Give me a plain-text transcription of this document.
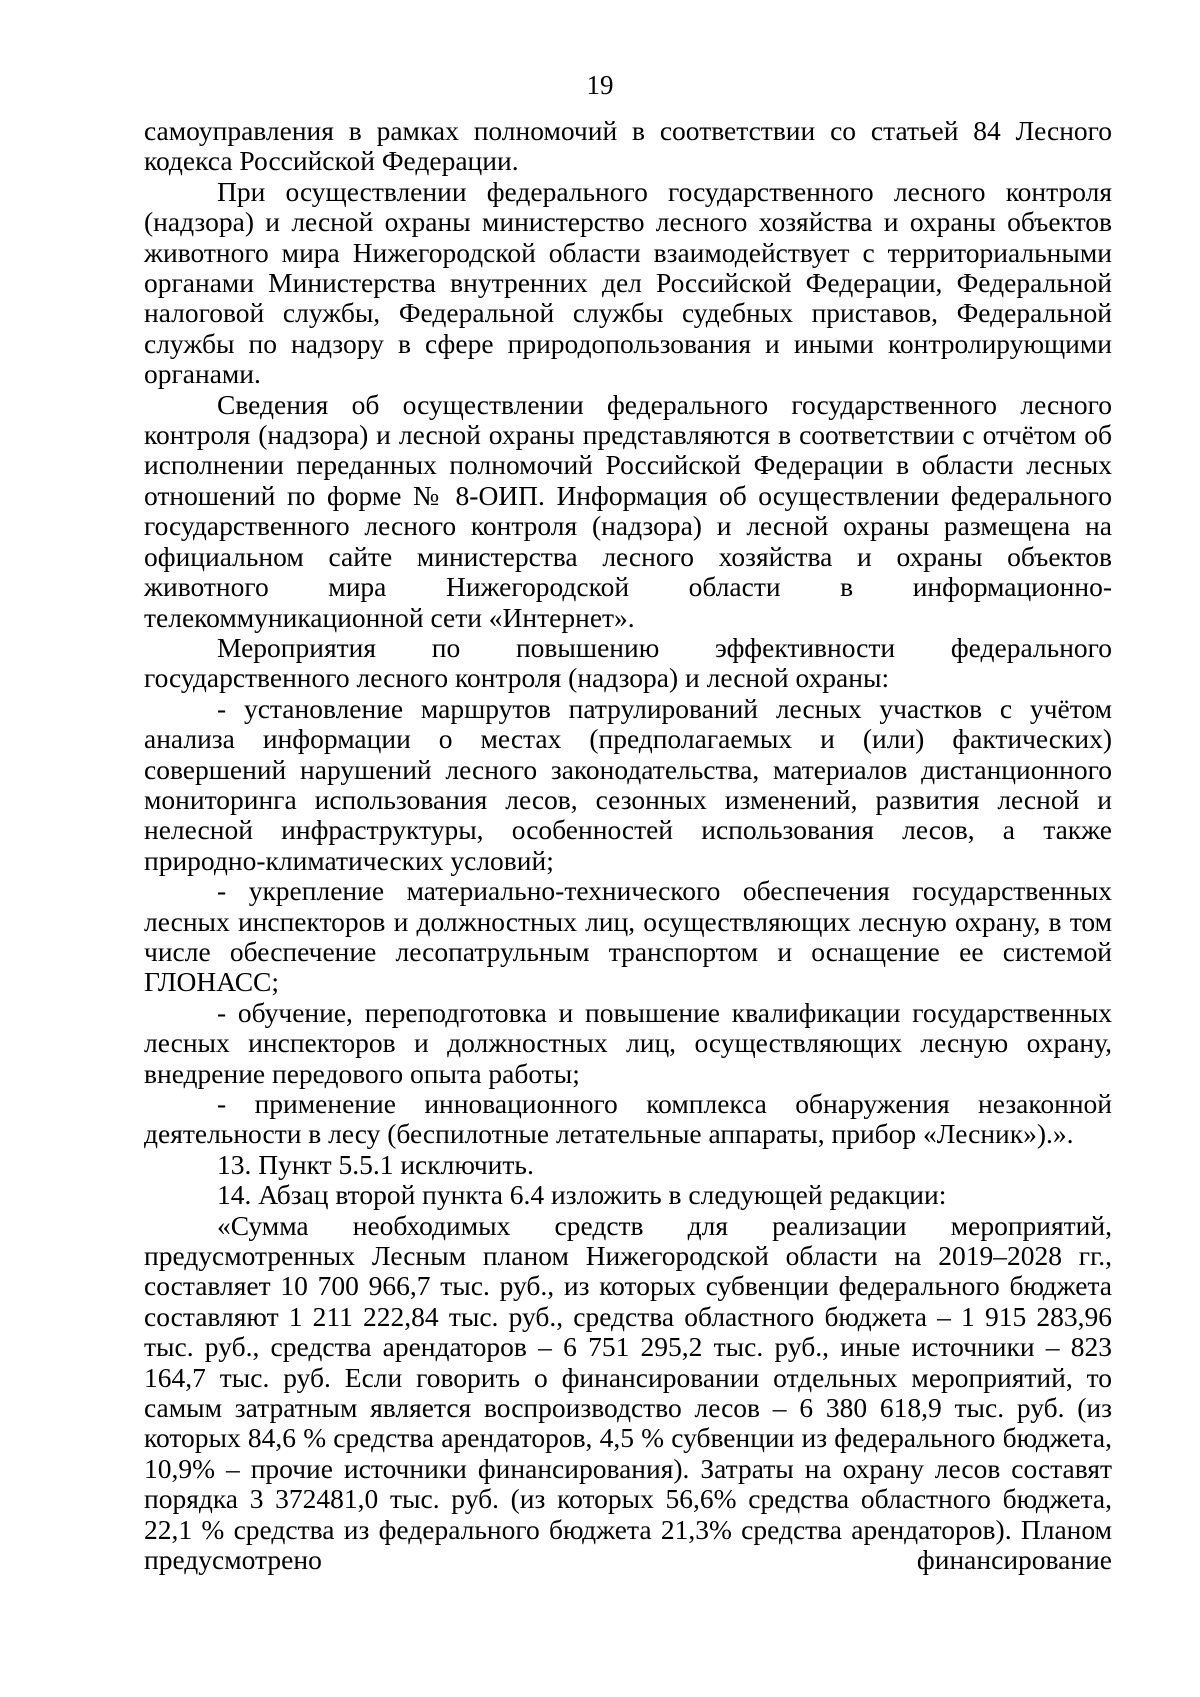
19

самоуправления в рамках полномочий в соответствии со статьей 84 Лесного кодекса Российской Федерации.

При осуществлении федерального государственного лесного контроля (надзора) и лесной охраны министерство лесного хозяйства и охраны объектов животного мира Нижегородской области взаимодействует с территориальными органами Министерства внутренних дел Российской Федерации, Федеральной налоговой службы, Федеральной службы судебных приставов, Федеральной службы по надзору в сфере природопользования и иными контролирующими органами.

Сведения об осуществлении федерального государственного лесного контроля (надзора) и лесной охраны представляются в соответствии с отчётом об исполнении переданных полномочий Российской Федерации в области лесных отношений по форме № 8-ОИП. Информация об осуществлении федерального государственного лесного контроля (надзора) и лесной охраны размещена на официальном сайте министерства лесного хозяйства и охраны объектов животного мира Нижегородской области в информационно-телекоммуникационной сети «Интернет».

Мероприятия по повышению эффективности федерального государственного лесного контроля (надзора) и лесной охраны:

- установление маршрутов патрулирований лесных участков с учётом анализа информации о местах (предполагаемых и (или) фактических) совершений нарушений лесного законодательства, материалов дистанционного мониторинга использования лесов, сезонных изменений, развития лесной и нелесной инфраструктуры, особенностей использования лесов, а также природно-климатических условий;

- укрепление материально-технического обеспечения государственных лесных инспекторов и должностных лиц, осуществляющих лесную охрану, в том числе обеспечение лесопатрульным транспортом и оснащение ее системой ГЛОНАСС;

- обучение, переподготовка и повышение квалификации государственных лесных инспекторов и должностных лиц, осуществляющих лесную охрану, внедрение передового опыта работы;

- применение инновационного комплекса обнаружения незаконной деятельности в лесу (беспилотные летательные аппараты, прибор «Лесник»).».

13. Пункт 5.5.1 исключить.

14. Абзац второй пункта 6.4 изложить в следующей редакции:

«Сумма необходимых средств для реализации мероприятий, предусмотренных Лесным планом Нижегородской области на 2019–2028 гг., составляет 10 700 966,7 тыс. руб., из которых субвенции федерального бюджета составляют 1 211 222,84 тыс. руб., средства областного бюджета – 1 915 283,96 тыс. руб., средства арендаторов – 6 751 295,2 тыс. руб., иные источники – 823 164,7 тыс. руб. Если говорить о финансировании отдельных мероприятий, то самым затратным является воспроизводство лесов – 6 380 618,9 тыс. руб. (из которых 84,6 % средства арендаторов, 4,5 % субвенции из федерального бюджета, 10,9% – прочие источники финансирования). Затраты на охрану лесов составят порядка 3 372481,0 тыс. руб. (из которых 56,6% средства областного бюджета, 22,1 % средства из федерального бюджета 21,3% средства арендаторов). Планом предусмотрено финансирование
